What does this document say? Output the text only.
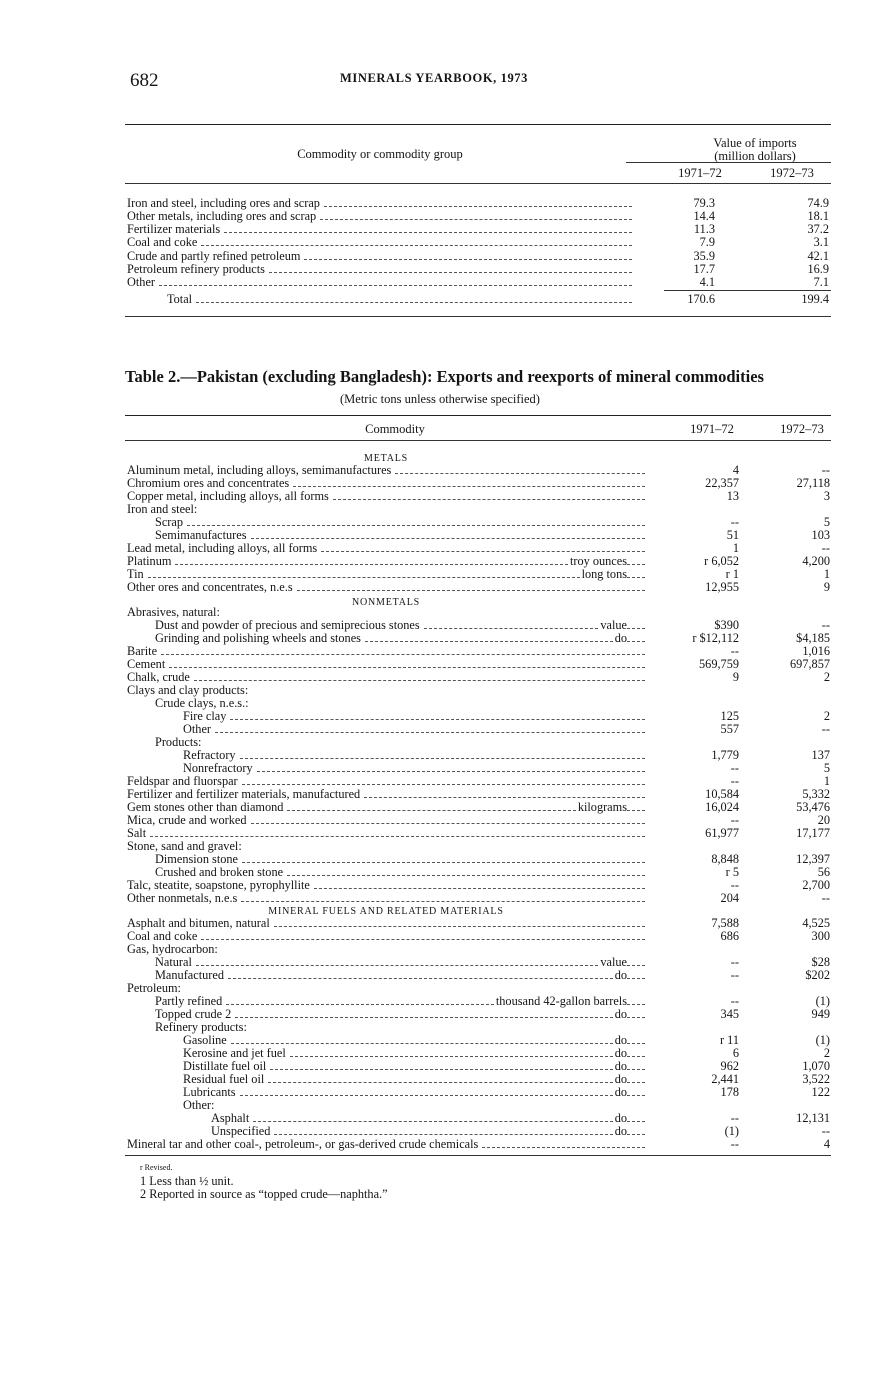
682	MINERALS YEARBOOK, 1973
Commodity or commodity group
Value of imports
(million dollars)
1971–72	1972–73
Iron and steel, including ores and scrap	79.3	74.9
Other metals, including ores and scrap	14.4	18.1
Fertilizer materials	11.3	37.2
Coal and coke	7.9	3.1
Crude and partly refined petroleum	35.9	42.1
Petroleum refinery products	17.7	16.9
Other	4.1	7.1
Total	170.6	199.4
Table 2.—Pakistan (excluding Bangladesh): Exports and reexports of mineral commodities
(Metric tons unless otherwise specified)
Commodity	1971–72	1972–73
METALS
NONMETALS
MINERAL FUELS AND RELATED MATERIALS
Aluminum metal, including alloys, semimanufactures	4	--
Chromium ores and concentrates	22,357	27,118
Copper metal, including alloys, all forms	13	3
Iron and steel:
Scrap	--	5
Semimanufactures	51	103
Lead metal, including alloys, all forms	1	--
Platinum	troy ounces	r 6,052	4,200
Tin	long tons	r 1	1
Other ores and concentrates, n.e.s	12,955	9
Abrasives, natural:
Dust and powder of precious and semiprecious stones	value	$390	--
Grinding and polishing wheels and stones	do	r $12,112	$4,185
Barite	--	1,016
Cement	569,759	697,857
Chalk, crude	9	2
Clays and clay products:
Crude clays, n.e.s.:
Fire clay	125	2
Other	557	--
Products:
Refractory	1,779	137
Nonrefractory	--	5
Feldspar and fluorspar	--	1
Fertilizer and fertilizer materials, manufactured	10,584	5,332
Gem stones other than diamond	kilograms	16,024	53,476
Mica, crude and worked	--	20
Salt	61,977	17,177
Stone, sand and gravel:
Dimension stone	8,848	12,397
Crushed and broken stone	r 5	56
Talc, steatite, soapstone, pyrophyllite	--	2,700
Other nonmetals, n.e.s	204	--
Asphalt and bitumen, natural	7,588	4,525
Coal and coke	686	300
Gas, hydrocarbon:
Natural	value	--	$28
Manufactured	do	--	$202
Petroleum:
Partly refined	thousand 42-gallon barrels	--	(1)
Topped crude 2	do	345	949
Refinery products:
Gasoline	do	r 11	(1)
Kerosine and jet fuel	do	6	2
Distillate fuel oil	do	962	1,070
Residual fuel oil	do	2,441	3,522
Lubricants	do	178	122
Other:
Asphalt	do	--	12,131
Unspecified	do	(1)	--
Mineral tar and other coal-, petroleum-, or gas-derived crude chemicals	--	4
$^{r Revised.}$
1 Less than ½ unit.
2 Reported in source as “topped crude—naphtha.”
